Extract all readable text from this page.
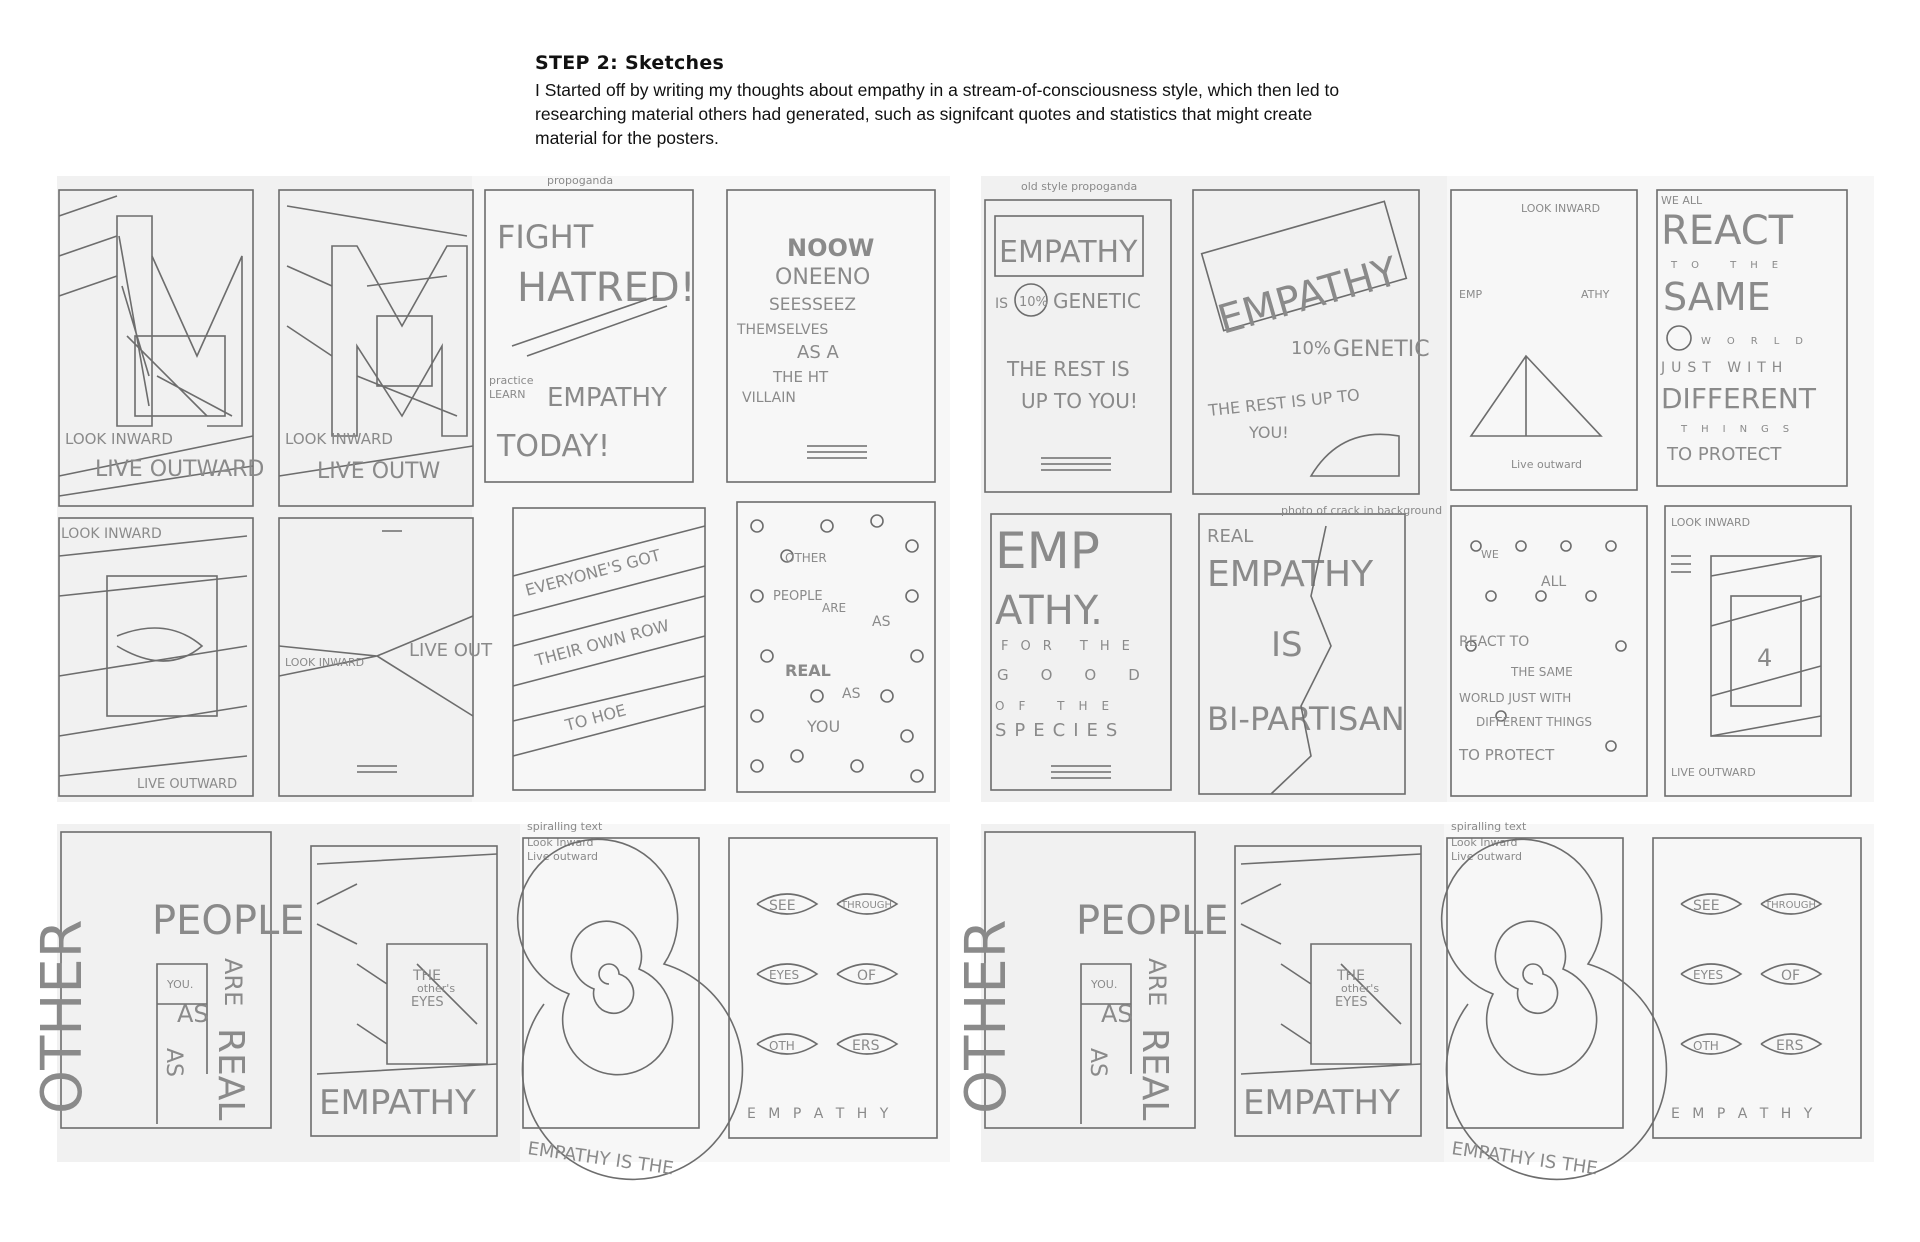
STEP 2: Sketches

I Started off by writing my thoughts about empathy in a stream-of-consciousness style, which then led to researching material others had generated, such as signifcant quotes and statistics that might create material for the posters.

LOOK INWARD
LIVE OUTWARD
LOOK INWARD
LIVE OUTW
propoganda
FIGHT
HATRED!
practice
LEARN EMPATHY
TODAY!
NOOW
ONEENO
SEESSEEZ
THEMSELVES
AS A
THE HT
VILLAIN
LOOK INWARD
LIVE OUTWARD
LOOK INWARD
LIVE OUT
EVERYONE'S GOT
THEIR OWN ROW
TO HOE
OTHER
PEOPLE
ARE
AS
REAL
AS
YOU
old style propoganda
EMPATHY
IS 10% GENETIC
THE REST IS
UP TO YOU!
EMPATHY
10% GENETIC
THE REST IS UP TO
YOU!
LOOK INWARD
EMP	ATHY
Live outward
WE ALL
REACT
TO THE
SAME
WORLD
JUST WITH
DIFFERENT
THINGS
TO PROTECT
EMP
ATHY.
FOR THE
GOOD
OF THE
SPECIES
photo of crack in background
REAL
EMPATHY
IS
BI-PARTISAN
WE
ALL
REACT TO
THE SAME
WORLD JUST WITH
DIFFERENT THINGS
TO PROTECT
LOOK INWARD
4
LIVE OUTWARD
OTHER PEOPLE
YOU. ARE
AS
AS REAL
THE
other's
EYES
EMPATHY
spiralling text
Look Inward
Live outward
EMPATHY IS THE
SEE	THROUGH
EYES	OF
OTH	ERS
E M P A T H Y OTHER PEOPLE
YOU. ARE
AS
AS REAL
THE
other's
EYES
EMPATHY
spiralling text
Look Inward
Live outward
EMPATHY IS THE
SEE	THROUGH
EYES	OF
OTH	ERS
E M P A T H Y
